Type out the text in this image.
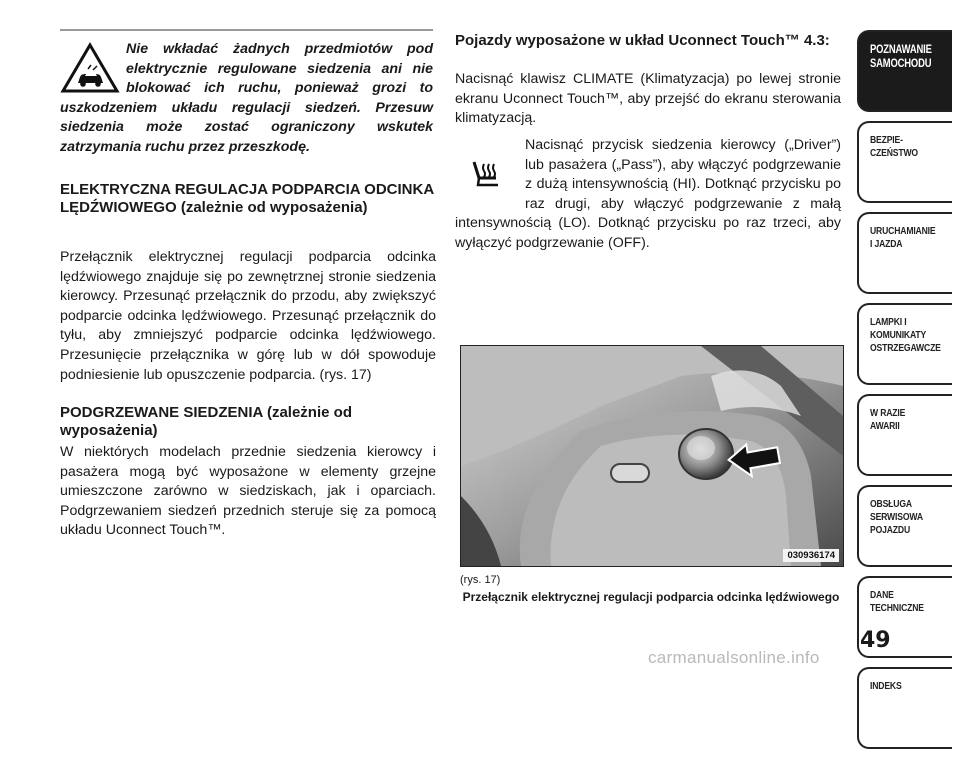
Nie wkładać żadnych przedmiotów pod elektrycznie regulowane siedzenia ani nie blokować ich ruchu, ponieważ grozi to uszkodzeniem układu regulacji siedzeń. Przesuw siedzenia może zostać ograniczony wskutek zatrzymania ruchu przez przeszkodę.

ELEKTRYCZNA REGULACJA PODPARCIA ODCINKA LĘDŹWIOWEGO (zależnie od wyposażenia)

Przełącznik elektrycznej regulacji podparcia odcinka lędźwiowego znajduje się po zewnętrznej stronie siedzenia kierowcy. Przesunąć przełącznik do przodu, aby zwiększyć podparcie odcinka lędźwiowego. Przesunąć przełącznik do tyłu, aby zmniejszyć podparcie odcinka lędźwiowego. Przesunięcie przełącznika w górę lub w dół spowoduje podniesienie lub opuszczenie podparcia. (rys. 17)

PODGRZEWANE SIEDZENIA (zależnie od wyposażenia)

W niektórych modelach przednie siedzenia kierowcy i pasażera mogą być wyposażone w elementy grzejne umieszczone zarówno w siedziskach, jak i oparciach. Podgrzewaniem siedzeń przednich steruje się za pomocą układu Uconnect Touch™.

Pojazdy wyposażone w układ Uconnect Touch™ 4.3:

Nacisnąć klawisz CLIMATE (Klimatyzacja) po lewej stronie ekranu Uconnect Touch™, aby przejść do ekranu sterowania klimatyzacją.

Nacisnąć przycisk siedzenia kierowcy („Driver”) lub pasażera („Pass”), aby włączyć podgrzewanie z dużą intensywnością (HI). Dotknąć przycisku po raz drugi, aby włączyć podgrzewanie z małą intensywnością (LO). Dotknąć przycisku po raz trzeci, aby wyłączyć podgrzewanie (OFF).

030936174
(rys. 17)
Przełącznik elektrycznej regulacji podparcia odcinka lędźwiowego
POZNAWANIE
SAMOCHODU
BEZPIE-
CZEŃSTWO
URUCHAMIANIE
I JAZDA
LAMPKI I
KOMUNIKATY
OSTRZEGAWCZE
W RAZIE
AWARII
OBSŁUGA
SERWISOWA
POJAZDU
DANE
TECHNICZNE
INDEKS
49
carmanualsonline.info
